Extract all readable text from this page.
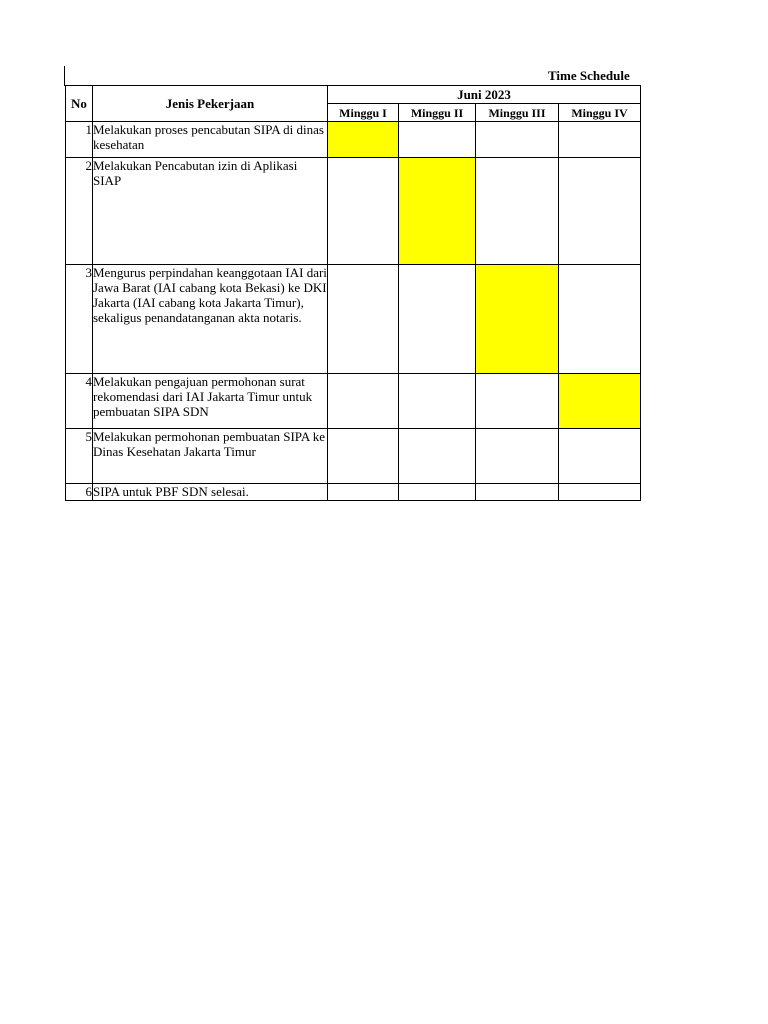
Time Schedule
No	Jenis Pekerjaan	Juni 2023			
		Minggu I	Minggu II	Minggu III	Minggu IV
1	Melakukan proses pencabutan SIPA di dinas kesehatan				
2	Melakukan Pencabutan izin di Aplikasi SIAP				
3	Mengurus perpindahan keanggotaan IAI dari Jawa Barat (IAI cabang kota Bekasi) ke DKI Jakarta (IAI cabang kota Jakarta Timur), sekaligus penandatanganan akta notaris.				
4	Melakukan pengajuan permohonan surat rekomendasi dari IAI Jakarta Timur untuk pembuatan SIPA SDN				
5	Melakukan permohonan pembuatan SIPA ke Dinas Kesehatan Jakarta Timur				
6	SIPA untuk PBF SDN selesai.				
